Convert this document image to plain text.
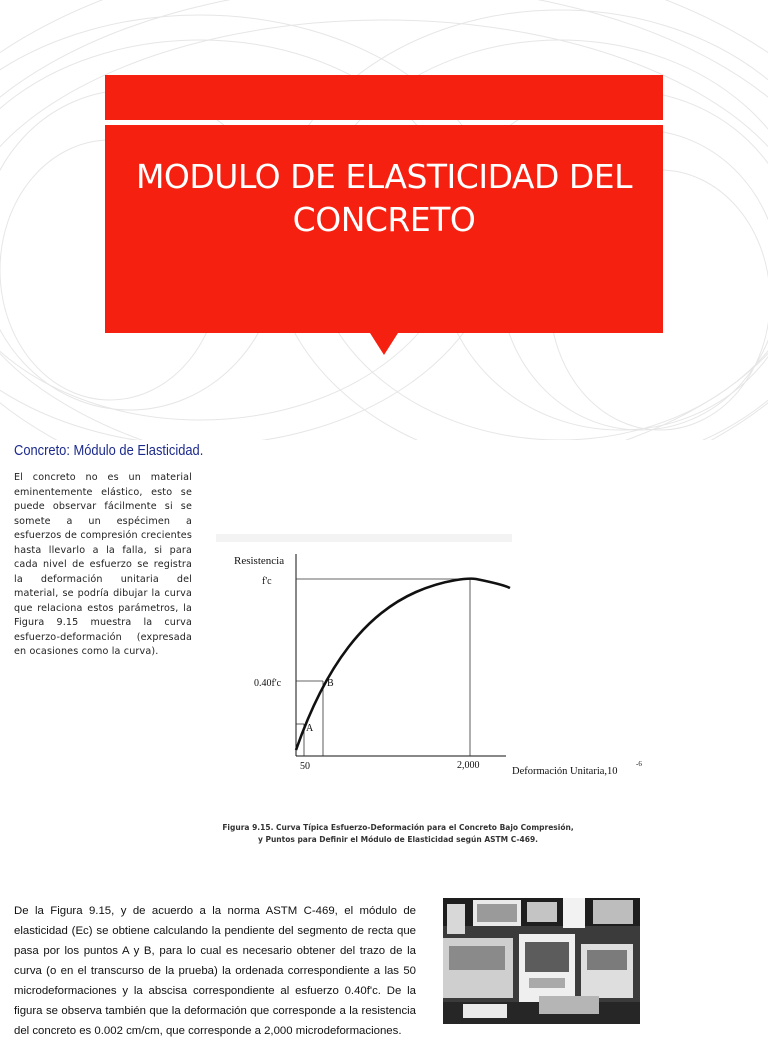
MODULO DE ELASTICIDAD DEL
CONCRETO
Concreto: Módulo de Elasticidad.

El concreto no es un material eminentemente elástico, esto se puede observar fácilmente si se somete a un espécimen a esfuerzos de compresión crecientes hasta llevarlo a la falla, si para cada nivel de esfuerzo se registra la deformación unitaria del material, se podría dibujar la curva que relaciona estos parámetros, la Figura 9.15 muestra la curva esfuerzo-deformación (expresada en ocasiones como la curva).

Resistencia
f'c
0.40f'c	B
A
50	2,000
Deformación Unitaria,10
-6

Figura 9.15. Curva Típica Esfuerzo-Deformación para el Concreto Bajo Compresión,
y Puntos para Definir el Módulo de Elasticidad según ASTM C-469.

De la Figura 9.15, y de acuerdo a la norma ASTM C-469, el módulo de elasticidad (Ec) se obtiene calculando la pendiente del segmento de recta que pasa por los puntos A y B, para lo cual es necesario obtener del trazo de la curva (o en el transcurso de la prueba) la ordenada correspondiente a las 50 microdeformaciones y la abscisa correspondiente al esfuerzo 0.40f'c. De la figura se observa también que la deformación que corresponde a la resistencia del concreto es 0.002 cm/cm, que corresponde a 2,000 microdeformaciones.
